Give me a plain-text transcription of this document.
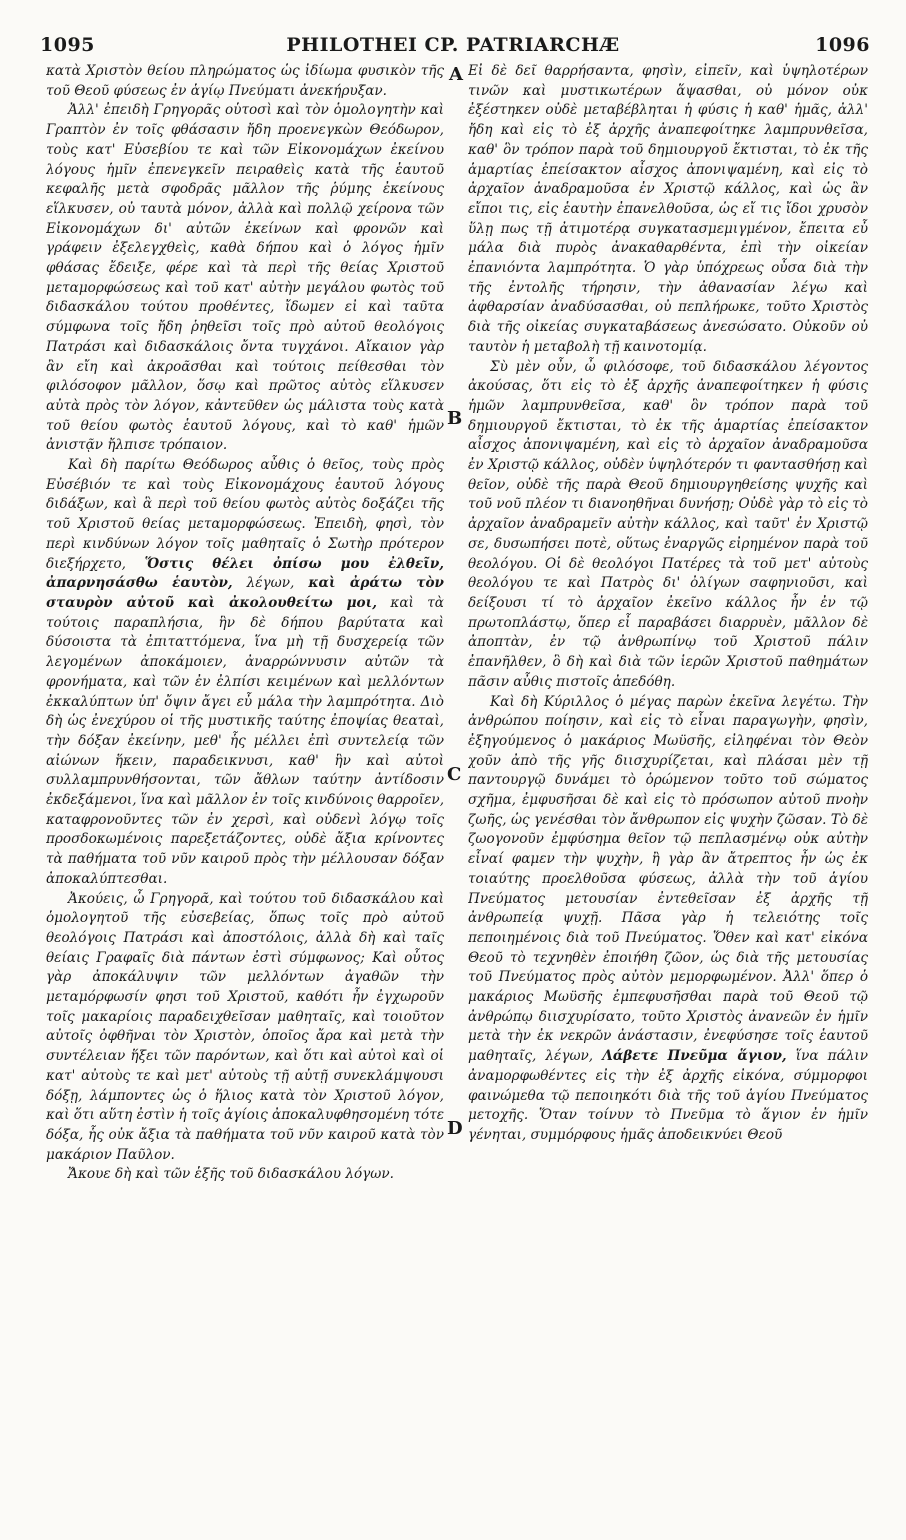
1095	PHILOTHEI CP. PATRIARCHÆ	1096

κατὰ Χριστὸν θείου πληρώματος ὡς ἰδίωμα φυσικὸν τῆς τοῦ Θεοῦ φύσεως ἐν ἁγίῳ Πνεύματι ἀνεκήρυξαν.

Ἀλλ' ἐπειδὴ Γρηγορᾶς οὑτοσὶ καὶ τὸν ὁμολογητὴν καὶ Γραπτὸν ἐν τοῖς φθάσασιν ἤδη προενεγκὼν Θεόδωρον, τοὺς κατ' Εὐσεβίου τε καὶ τῶν Εἰκονομάχων ἐκείνου λόγους ἡμῖν ἐπενεγκεῖν πειραθεὶς κατὰ τῆς ἑαυτοῦ κεφαλῆς μετὰ σφοδρᾶς μᾶλλον τῆς ῥύμης ἐκείνους εἵλκυσεν, οὐ ταυτὰ μόνον, ἀλλὰ καὶ πολλῷ χείρονα τῶν Εἰκονομάχων δι' αὐτῶν ἐκείνων καὶ φρονῶν καὶ γράφειν ἐξελεγχθεὶς, καθὰ δήπου καὶ ὁ λόγος ἡμῖν φθάσας ἔδειξε, φέρε καὶ τὰ περὶ τῆς θείας Χριστοῦ μεταμορφώσεως καὶ τοῦ κατ' αὐτὴν μεγάλου φωτὸς τοῦ διδασκάλου τούτου προθέντες, ἴδωμεν εἰ καὶ ταῦτα σύμφωνα τοῖς ἤδη ῥηθεῖσι τοῖς πρὸ αὐτοῦ θεολόγοις Πατράσι καὶ διδασκάλοις ὄντα τυγχάνοι. Αἴκαιον γὰρ ἂν εἴη καὶ ἀκροᾶσθαι καὶ τούτοις πείθεσθαι τὸν φιλόσοφον μᾶλλον, ὅσῳ καὶ πρῶτος αὐτὸς εἵλκυσεν αὐτὰ πρὸς τὸν λόγον, κἀντεῦθεν ὡς μάλιστα τοὺς κατὰ τοῦ θείου φωτὸς ἑαυτοῦ λόγους, καὶ τὸ καθ' ἡμῶν ἀνιστᾷν ἤλπισε τρόπαιον.

Καὶ δὴ παρίτω Θεόδωρος αὖθις ὁ θεῖος, τοὺς πρὸς Εὐσέβιόν τε καὶ τοὺς Εἰκονομάχους ἑαυτοῦ λόγους διδάξων, καὶ ἃ περὶ τοῦ θείου φωτὸς αὐτὸς δοξάζει τῆς τοῦ Χριστοῦ θείας μεταμορφώσεως. Ἐπειδὴ, φησὶ, τὸν περὶ κινδύνων λόγον τοῖς μαθηταῖς ὁ Σωτὴρ πρότερον διεξήρχετο, Ὅστις θέλει ὀπίσω μου ἐλθεῖν, ἀπαρνησάσθω ἑαυτὸν, λέγων, καὶ ἀράτω τὸν σταυρὸν αὐτοῦ καὶ ἀκολουθείτω μοι, καὶ τὰ τούτοις παραπλήσια, ἣν δὲ δήπου βαρύτατα καὶ δύσοιστα τὰ ἐπιταττόμενα, ἵνα μὴ τῇ δυσχερείᾳ τῶν λεγομένων ἀποκάμοιεν, ἀναρρώννυσιν αὐτῶν τὰ φρονήματα, καὶ τῶν ἐν ἐλπίσι κειμένων καὶ μελλόντων ἐκκαλύπτων ὑπ' ὄψιν ἄγει εὖ μάλα τὴν λαμπρότητα. Διὸ δὴ ὡς ἐνεχύρου οἱ τῆς μυστικῆς ταύτης ἐποψίας θεαταὶ, τὴν δόξαν ἐκείνην, μεθ' ἧς μέλλει ἐπὶ συντελείᾳ τῶν αἰώνων ἥκειν, παραδεικνυσι, καθ' ἣν καὶ αὐτοὶ συλλαμπρυνθήσονται, τῶν ἄθλων ταύτην ἀντίδοσιν ἐκδεξάμενοι, ἵνα καὶ μᾶλλον ἐν τοῖς κινδύνοις θαρροῖεν, καταφρονοῦντες τῶν ἐν χερσὶ, καὶ οὐδενὶ λόγῳ τοῖς προσδοκωμένοις παρεξετάζοντες, οὐδὲ ἄξια κρίνοντες τὰ παθήματα τοῦ νῦν καιροῦ πρὸς τὴν μέλλουσαν δόξαν ἀποκαλύπτεσθαι.

Ἀκούεις, ὦ Γρηγορᾶ, καὶ τούτου τοῦ διδασκάλου καὶ ὁμολογητοῦ τῆς εὐσεβείας, ὅπως τοῖς πρὸ αὐτοῦ θεολόγοις Πατράσι καὶ ἀποστόλοις, ἀλλὰ δὴ καὶ ταῖς θείαις Γραφαῖς διὰ πάντων ἐστὶ σύμφωνος; Καὶ οὗτος γὰρ ἀποκάλυψιν τῶν μελλόντων ἀγαθῶν τὴν μεταμόρφωσίν φησι τοῦ Χριστοῦ, καθότι ἦν ἐγχωροῦν τοῖς μακαρίοις παραδειχθεῖσαν μαθηταῖς, καὶ τοιοῦτον αὐτοῖς ὀφθῆναι τὸν Χριστὸν, ὁποῖος ἄρα καὶ μετὰ τὴν συντέλειαν ἥξει τῶν παρόντων, καὶ ὅτι καὶ αὐτοὶ καὶ οἱ κατ' αὐτοὺς τε καὶ μετ' αὐτοὺς τῇ αὐτῇ συνεκλάμψουσι δόξῃ, λάμποντες ὡς ὁ ἥλιος κατὰ τὸν Χριστοῦ λόγον, καὶ ὅτι αὕτη ἐστὶν ἡ τοῖς ἁγίοις ἀποκαλυφθησομένη τότε δόξα, ἧς οὐκ ἄξια τὰ παθήματα τοῦ νῦν καιροῦ κατὰ τὸν μακάριον Παῦλον.

Ἄκουε δὴ καὶ τῶν ἑξῆς τοῦ διδασκάλου λόγων.

A
B
C
D

Εἰ δὲ δεῖ θαρρήσαντα, φησὶν, εἰπεῖν, καὶ ὑψηλοτέρων τινῶν καὶ μυστικωτέρων ἅψασθαι, οὐ μόνον οὐκ ἐξέστηκεν οὐδὲ μεταβέβληται ἡ φύσις ἡ καθ' ἡμᾶς, ἀλλ' ἤδη καὶ εἰς τὸ ἐξ ἀρχῆς ἀναπεφοίτηκε λαμπρυνθεῖσα, καθ' ὃν τρόπον παρὰ τοῦ δημιουργοῦ ἔκτισται, τὸ ἐκ τῆς ἁμαρτίας ἐπείσακτον αἶσχος ἀπονιψαμένη, καὶ εἰς τὸ ἀρχαῖον ἀναδραμοῦσα ἐν Χριστῷ κάλλος, καὶ ὡς ἂν εἴποι τις, εἰς ἑαυτὴν ἐπανελθοῦσα, ὡς εἴ τις ἴδοι χρυσὸν ὕλῃ πως τῇ ἀτιμοτέρᾳ συγκατασμεμιγμένον, ἔπειτα εὖ μάλα διὰ πυρὸς ἀνακαθαρθέντα, ἐπὶ τὴν οἰκείαν ἐπανιόντα λαμπρότητα. Ὁ γὰρ ὑπόχρεως οὖσα διὰ τὴν τῆς ἐντολῆς τήρησιν, τὴν ἀθανασίαν λέγω καὶ ἀφθαρσίαν ἀναδύσασθαι, οὐ πεπλήρωκε, τοῦτο Χριστὸς διὰ τῆς οἰκείας συγκαταβάσεως ἀνεσώσατο. Οὐκοῦν οὐ ταυτὸν ἡ μεταβολὴ τῇ καινοτομίᾳ.

Σὺ μὲν οὖν, ὦ φιλόσοφε, τοῦ διδασκάλου λέγοντος ἀκούσας, ὅτι εἰς τὸ ἐξ ἀρχῆς ἀναπεφοίτηκεν ἡ φύσις ἡμῶν λαμπρυνθεῖσα, καθ' ὃν τρόπον παρὰ τοῦ δημιουργοῦ ἔκτισται, τὸ ἐκ τῆς ἁμαρτίας ἐπείσακτον αἶσχος ἀπονιψαμένη, καὶ εἰς τὸ ἀρχαῖον ἀναδραμοῦσα ἐν Χριστῷ κάλλος, οὐδὲν ὑψηλότερόν τι φαντασθήσῃ καὶ θεῖον, οὐδὲ τῆς παρὰ Θεοῦ δημιουργηθείσης ψυχῆς καὶ τοῦ νοῦ πλέον τι διανοηθῆναι δυνήσῃ; Οὐδὲ γὰρ τὸ εἰς τὸ ἀρχαῖον ἀναδραμεῖν αὐτὴν κάλλος, καὶ ταῦτ' ἐν Χριστῷ σε, δυσωπήσει ποτὲ, οὕτως ἐναργῶς εἰρημένον παρὰ τοῦ θεολόγου. Οἱ δὲ θεολόγοι Πατέρες τὰ τοῦ μετ' αὐτοὺς θεολόγου τε καὶ Πατρὸς δι' ὀλίγων σαφηνιοῦσι, καὶ δείξουσι τί τὸ ἀρχαῖον ἐκεῖνο κάλλος ἦν ἐν τῷ πρωτοπλάστῳ, ὅπερ εἶ παραβάσει διαρρυὲν, μᾶλλον δὲ ἀποπτὰν, ἐν τῷ ἀνθρωπίνῳ τοῦ Χριστοῦ πάλιν ἐπανῆλθεν, ὃ δὴ καὶ διὰ τῶν ἱερῶν Χριστοῦ παθημάτων πᾶσιν αὖθις πιστοῖς ἀπεδόθη.

Καὶ δὴ Κύριλλος ὁ μέγας παρὼν ἐκεῖνα λεγέτω. Τὴν ἀνθρώπου ποίησιν, καὶ εἰς τὸ εἶναι παραγωγὴν, φησὶν, ἐξηγούμενος ὁ μακάριος Μωϋσῆς, εἰληφέναι τὸν Θεὸν χοῦν ἀπὸ τῆς γῆς διισχυρίζεται, καὶ πλάσαι μὲν τῇ παντουργῷ δυνάμει τὸ ὁρώμενον τοῦτο τοῦ σώματος σχῆμα, ἐμφυσῆσαι δὲ καὶ εἰς τὸ πρόσωπον αὐτοῦ πνοὴν ζωῆς, ὡς γενέσθαι τὸν ἄνθρωπον εἰς ψυχὴν ζῶσαν. Τὸ δὲ ζωογονοῦν ἐμφύσημα θεῖον τῷ πεπλασμένῳ οὐκ αὐτὴν εἶναί φαμεν τὴν ψυχὴν, ἢ γὰρ ἂν ἄτρεπτος ἦν ὡς ἐκ τοιαύτης προελθοῦσα φύσεως, ἀλλὰ τὴν τοῦ ἁγίου Πνεύματος μετουσίαν ἐντεθεῖσαν ἐξ ἀρχῆς τῇ ἀνθρωπείᾳ ψυχῇ. Πᾶσα γὰρ ἡ τελειότης τοῖς πεποιημένοις διὰ τοῦ Πνεύματος. Ὅθεν καὶ κατ' εἰκόνα Θεοῦ τὸ τεχνηθὲν ἐποιήθη ζῶον, ὡς διὰ τῆς μετουσίας τοῦ Πνεύματος πρὸς αὐτὸν μεμορφωμένον. Ἀλλ' ὅπερ ὁ μακάριος Μωϋσῆς ἐμπεφυσῆσθαι παρὰ τοῦ Θεοῦ τῷ ἀνθρώπῳ διισχυρίσατο, τοῦτο Χριστὸς ἀνανεῶν ἐν ἡμῖν μετὰ τὴν ἐκ νεκρῶν ἀνάστασιν, ἐνεφύσησε τοῖς ἑαυτοῦ μαθηταῖς, λέγων, Λάβετε Πνεῦμα ἅγιον, ἵνα πάλιν ἀναμορφωθέντες εἰς τὴν ἐξ ἀρχῆς εἰκόνα, σύμμορφοι φαινώμεθα τῷ πεποιηκότι διὰ τῆς τοῦ ἁγίου Πνεύματος μετοχῆς. Ὅταν τοίνυν τὸ Πνεῦμα τὸ ἅγιον ἐν ἡμῖν γένηται, συμμόρφους ἡμᾶς ἀποδεικνύει Θεοῦ
